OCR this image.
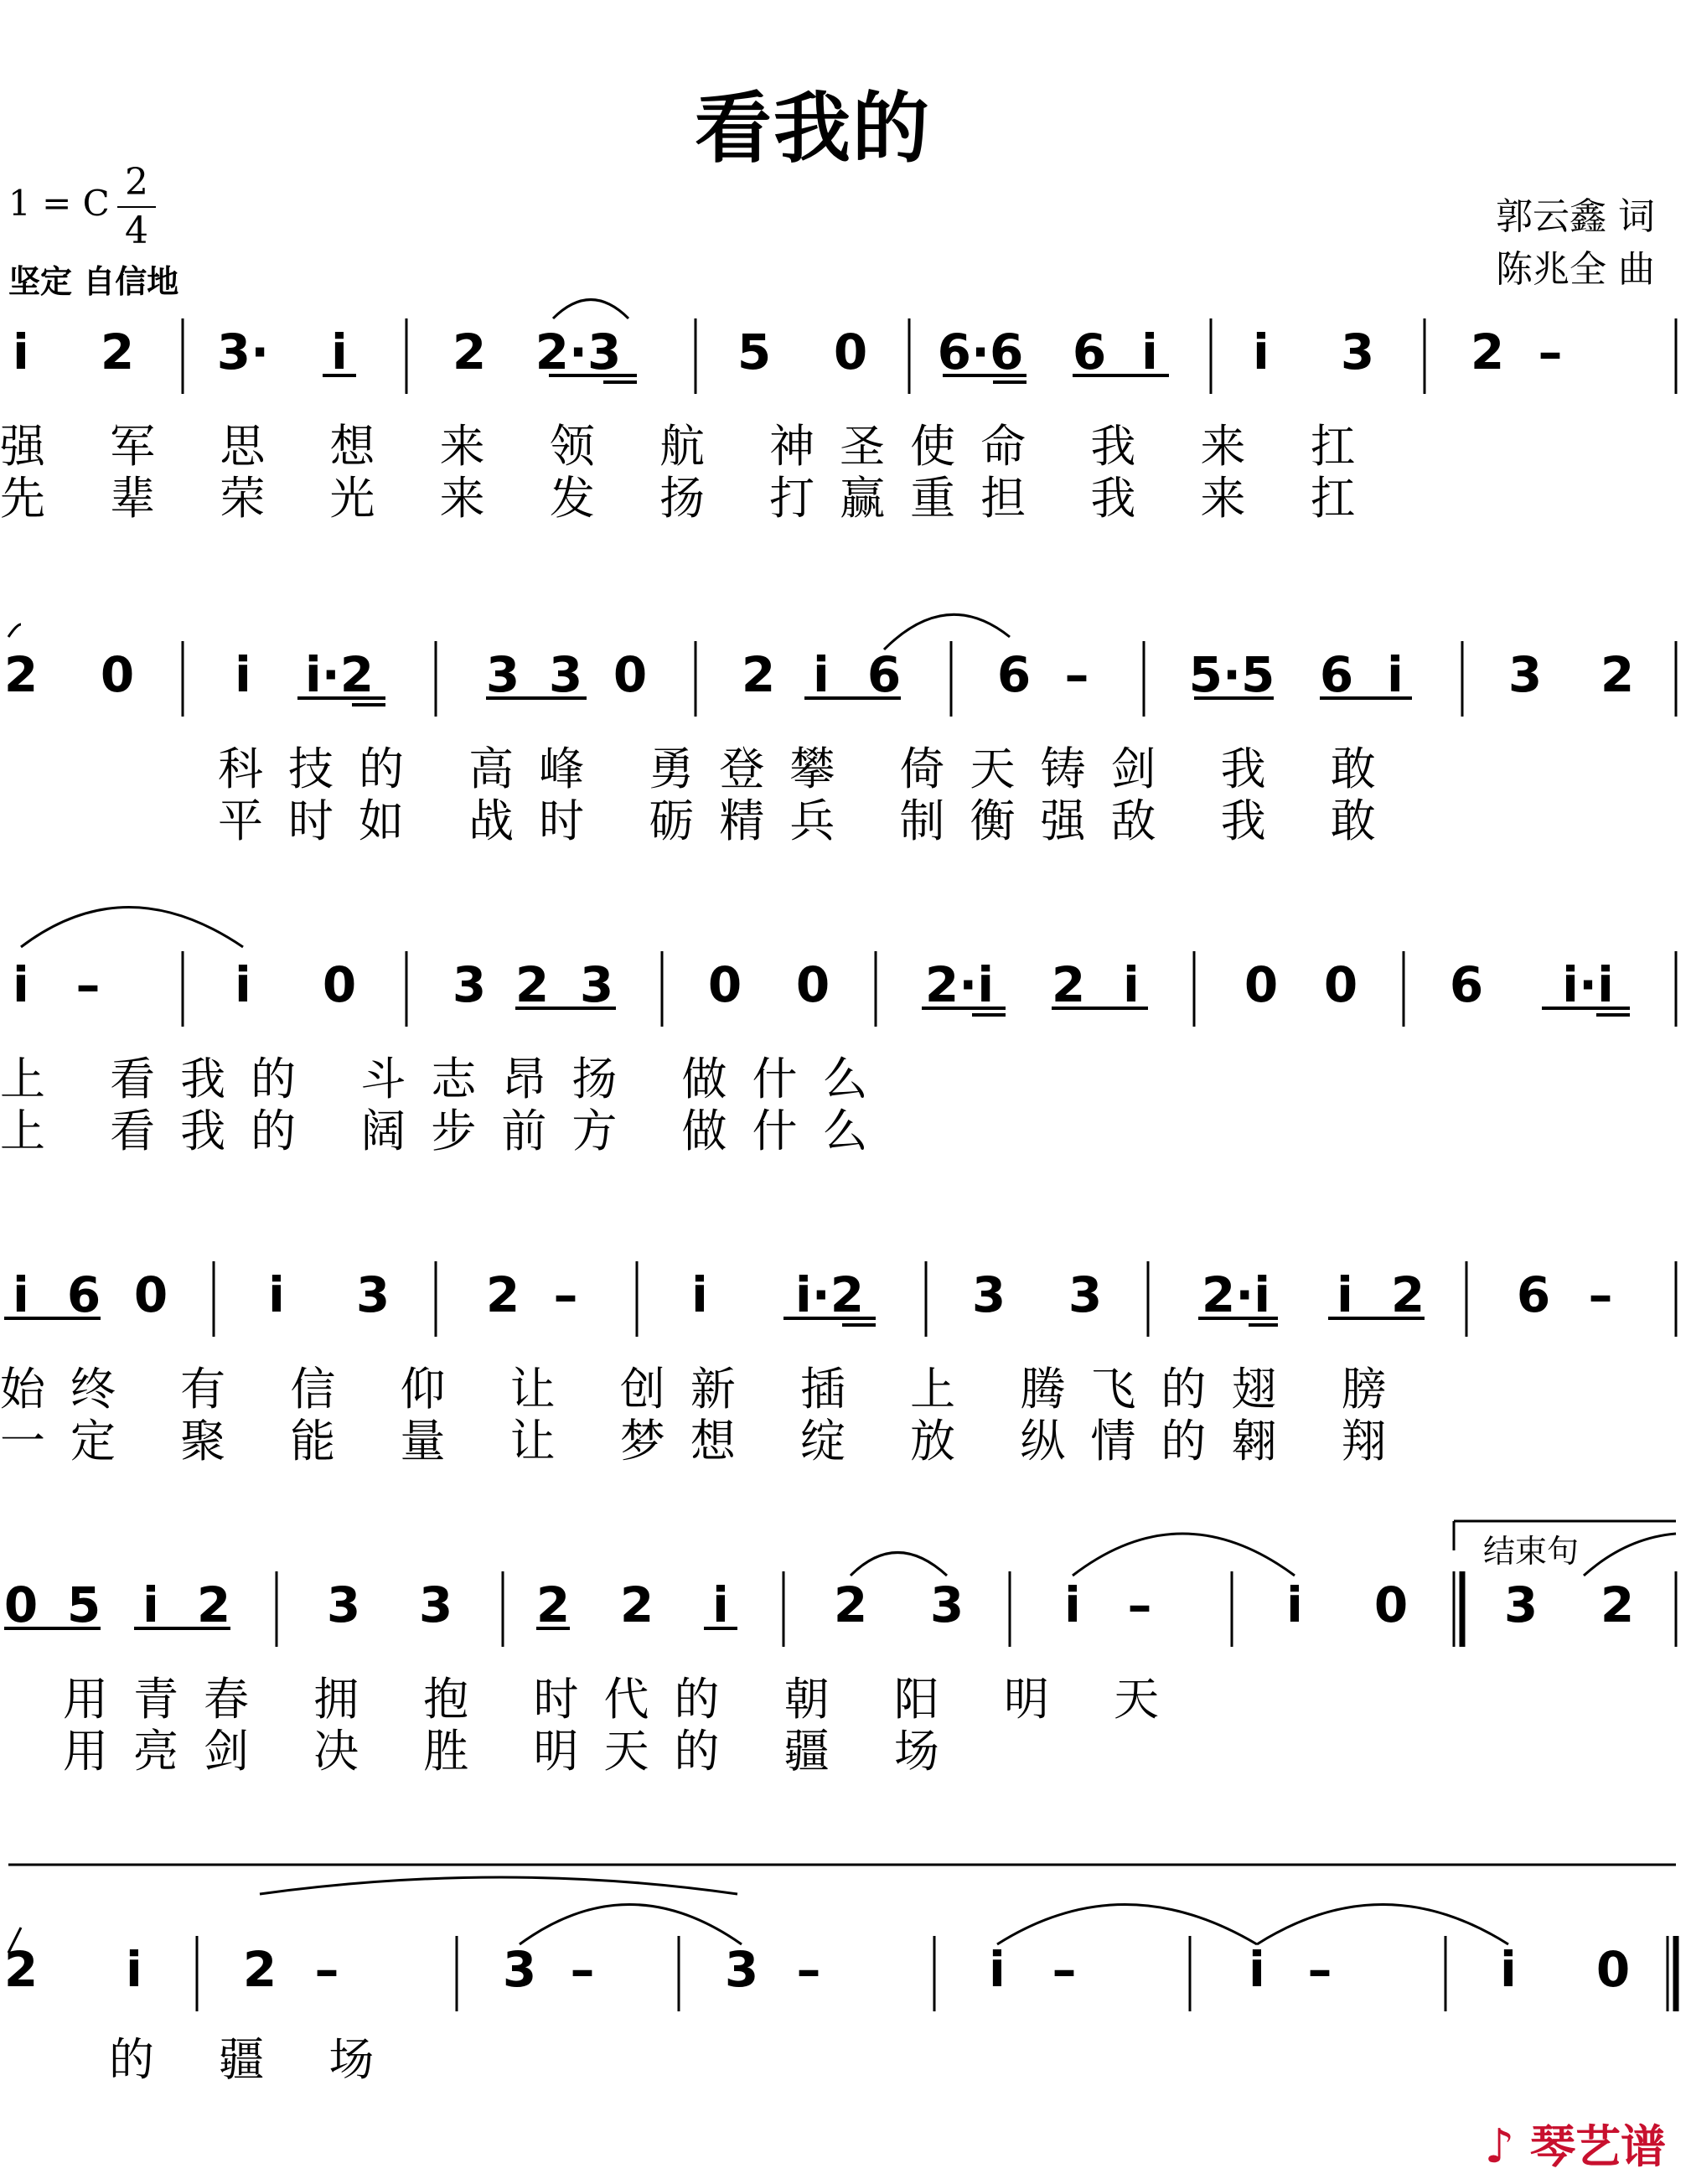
看我的
1 = C 2
4
坚定 自信地
郭云鑫 词
陈兆全 曲
i 2 3· i 2 2·3 5 0 6·6 6 i i 3 2 –
2 0 i i·2 3 3 0 2 i 6 6 – 5·5 6 i 3 2
i –	i 0 3 2 3 0 0 2·i 2 i 0 0 6 i·i
i 6 0 i 3 2 – i i·2 3 3 2·i i 2 6 –
0 5 i 2 3 3 2 2 i 2 3 i –	i 0 3 2
2 i 2 –	3 –	3 –	i –	i –	i 0
强 军 思 想 来 领 航 神圣使命 我 来 扛
先 辈 荣 光 来 发 扬 打赢重担 我 来 扛
科技的 高峰 勇登攀 倚天铸剑 我 敢
平时如 战时 砺精兵 制衡强敌 我 敢
上 看我的 斗志昂扬 做什么
上 看我的 阔步前方 做什么
始终 有 信 仰 让 创新 插 上 腾飞的翅 膀
一定 聚 能 量 让 梦想 绽 放 纵情的翱 翔
用青春 拥 抱 时代的 朝 阳 明 天
用亮剑 决 胜 明天的 疆 场
的 疆 场
结束句
♪ 琴艺谱
